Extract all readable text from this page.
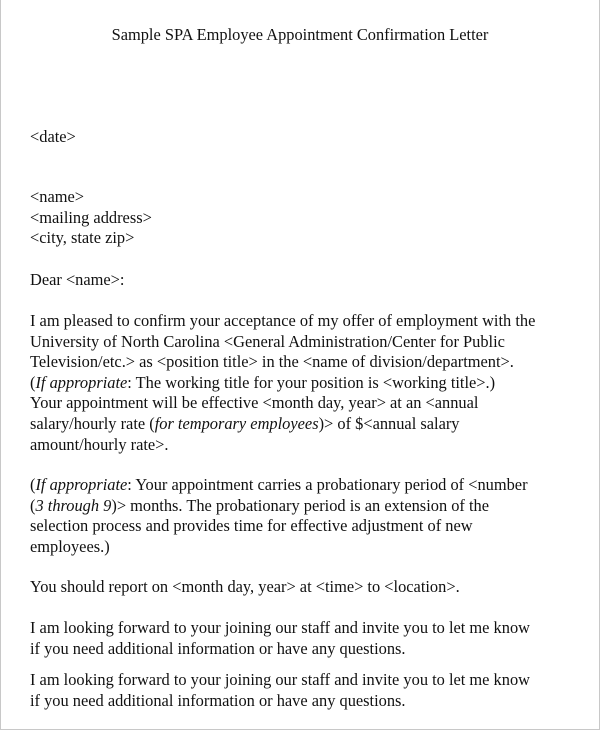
Sample SPA Employee Appointment Confirmation Letter
<date>
<name>
<mailing address>
<city, state zip>
Dear <name>:
I am pleased to confirm your acceptance of my offer of employment with the
University of North Carolina <General Administration/Center for Public
Television/etc.> as <position title> in the <name of division/department>.
(If appropriate: The working title for your position is <working title>.)
Your appointment will be effective <month day, year> at an <annual
salary/hourly rate (for temporary employees)> of $<annual salary
amount/hourly rate>.
(If appropriate: Your appointment carries a probationary period of <number
(3 through 9)> months. The probationary period is an extension of the
selection process and provides time for effective adjustment of new
employees.)
You should report on <month day, year> at <time> to <location>.
I am looking forward to your joining our staff and invite you to let me know
if you need additional information or have any questions.
I am looking forward to your joining our staff and invite you to let me know
if you need additional information or have any questions.
